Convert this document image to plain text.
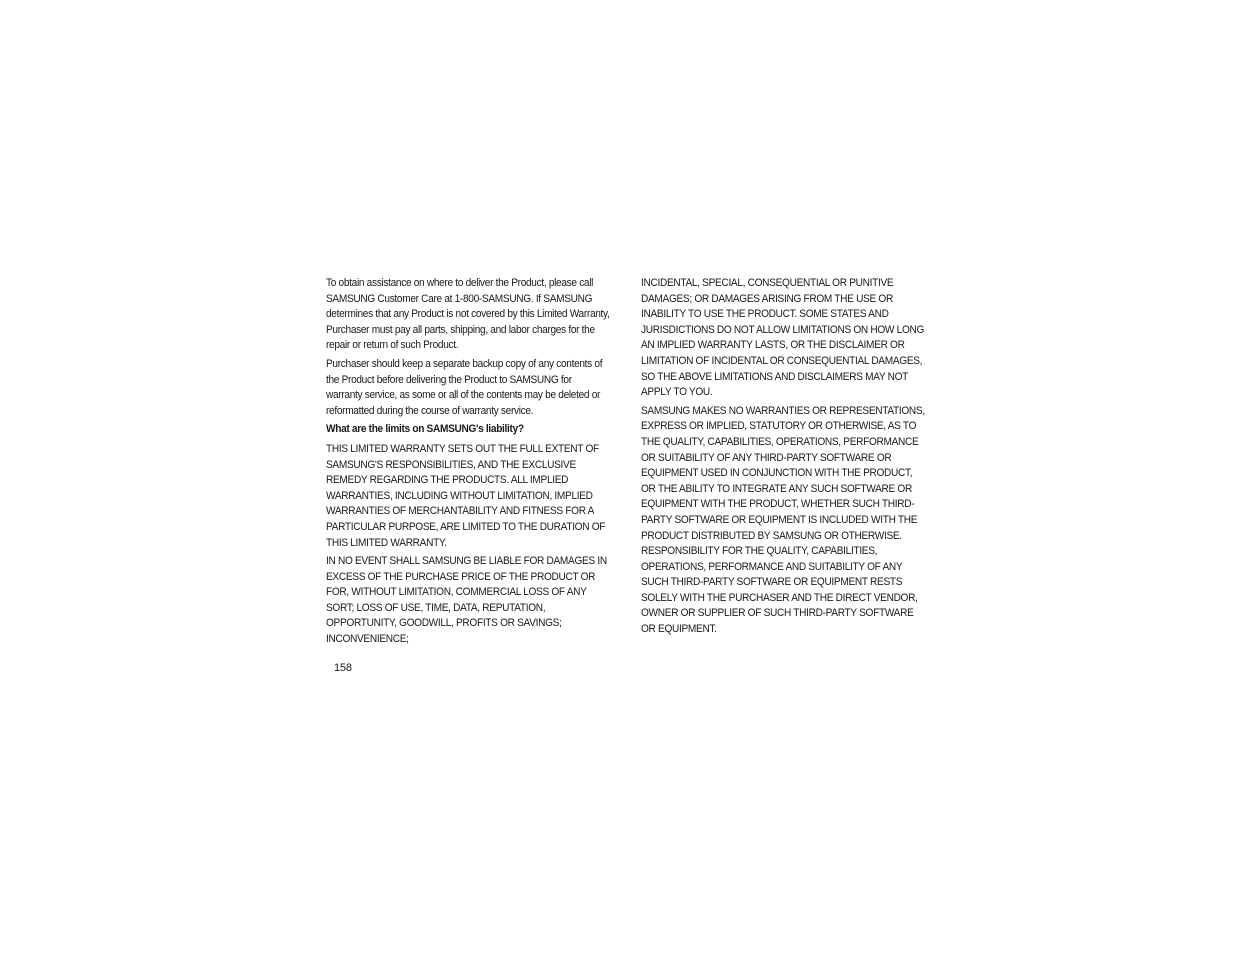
To obtain assistance on where to deliver the Product, please call SAMSUNG Customer Care at 1-800-SAMSUNG. If SAMSUNG determines that any Product is not covered by this Limited Warranty, Purchaser must pay all parts, shipping, and labor charges for the repair or return of such Product.

Purchaser should keep a separate backup copy of any contents of the Product before delivering the Product to SAMSUNG for warranty service, as some or all of the contents may be deleted or reformatted during the course of warranty service.

What are the limits on SAMSUNG's liability?

THIS LIMITED WARRANTY SETS OUT THE FULL EXTENT OF SAMSUNG'S RESPONSIBILITIES, AND THE EXCLUSIVE REMEDY REGARDING THE PRODUCTS. ALL IMPLIED WARRANTIES, INCLUDING WITHOUT LIMITATION, IMPLIED WARRANTIES OF MERCHANTABILITY AND FITNESS FOR A PARTICULAR PURPOSE, ARE LIMITED TO THE DURATION OF THIS LIMITED WARRANTY.

IN NO EVENT SHALL SAMSUNG BE LIABLE FOR DAMAGES IN EXCESS OF THE PURCHASE PRICE OF THE PRODUCT OR FOR, WITHOUT LIMITATION, COMMERCIAL LOSS OF ANY SORT; LOSS OF USE, TIME, DATA, REPUTATION, OPPORTUNITY, GOODWILL, PROFITS OR SAVINGS; INCONVENIENCE;

INCIDENTAL, SPECIAL, CONSEQUENTIAL OR PUNITIVE DAMAGES; OR DAMAGES ARISING FROM THE USE OR INABILITY TO USE THE PRODUCT. SOME STATES AND JURISDICTIONS DO NOT ALLOW LIMITATIONS ON HOW LONG AN IMPLIED WARRANTY LASTS, OR THE DISCLAIMER OR LIMITATION OF INCIDENTAL OR CONSEQUENTIAL DAMAGES, SO THE ABOVE LIMITATIONS AND DISCLAIMERS MAY NOT APPLY TO YOU.

SAMSUNG MAKES NO WARRANTIES OR REPRESENTATIONS, EXPRESS OR IMPLIED, STATUTORY OR OTHERWISE, AS TO THE QUALITY, CAPABILITIES, OPERATIONS, PERFORMANCE OR SUITABILITY OF ANY THIRD-PARTY SOFTWARE OR EQUIPMENT USED IN CONJUNCTION WITH THE PRODUCT, OR THE ABILITY TO INTEGRATE ANY SUCH SOFTWARE OR EQUIPMENT WITH THE PRODUCT, WHETHER SUCH THIRD-PARTY SOFTWARE OR EQUIPMENT IS INCLUDED WITH THE PRODUCT DISTRIBUTED BY SAMSUNG OR OTHERWISE. RESPONSIBILITY FOR THE QUALITY, CAPABILITIES, OPERATIONS, PERFORMANCE AND SUITABILITY OF ANY SUCH THIRD-PARTY SOFTWARE OR EQUIPMENT RESTS SOLELY WITH THE PURCHASER AND THE DIRECT VENDOR, OWNER OR SUPPLIER OF SUCH THIRD-PARTY SOFTWARE OR EQUIPMENT.

158
